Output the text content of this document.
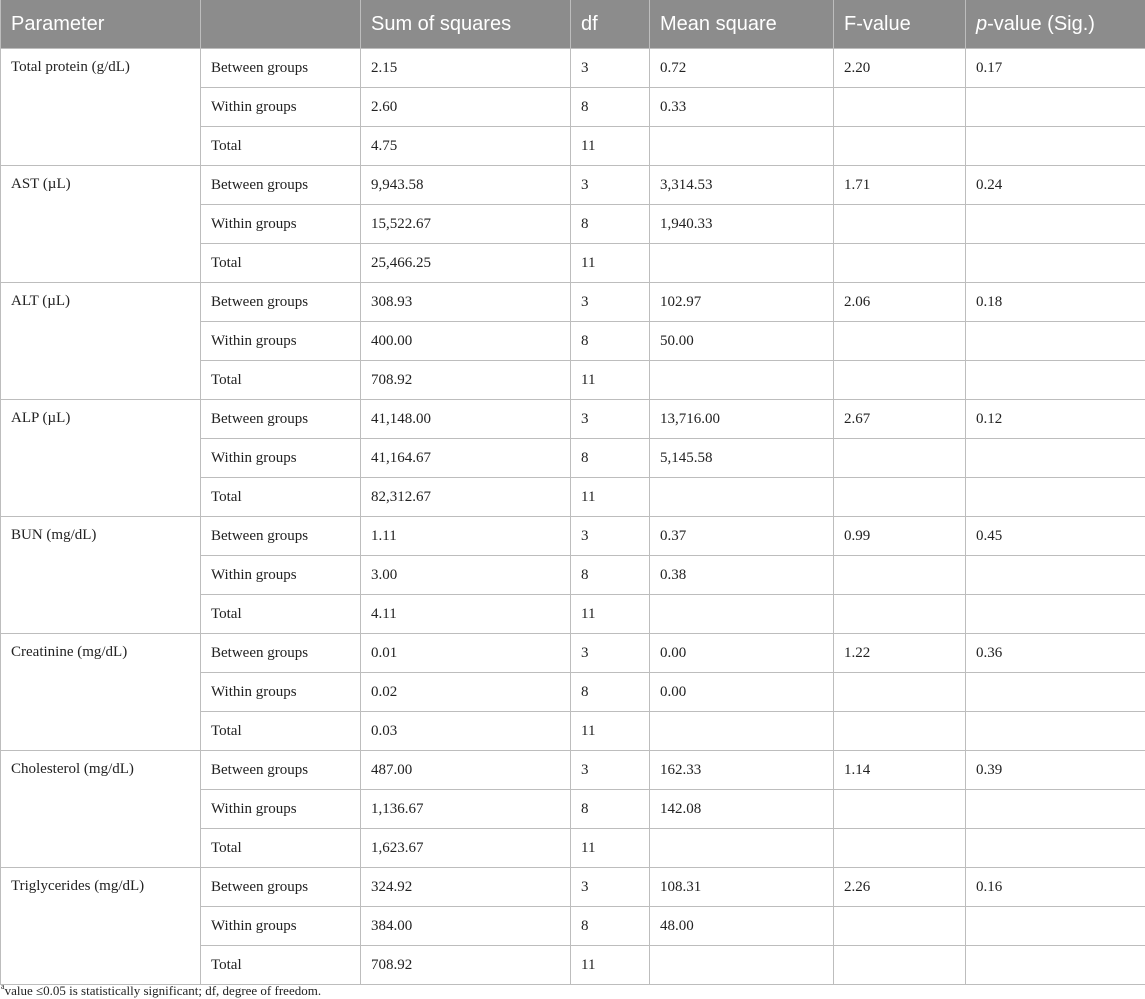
Parameter		Sum of squares	df	Mean square	F-value	p-value (Sig.)
Total protein (g/dL)	Between groups	2.15	3	0.72	2.20	0.17
	Within groups	2.60	8	0.33		
	Total	4.75	11			
AST (µL)	Between groups	9,943.58	3	3,314.53	1.71	0.24
	Within groups	15,522.67	8	1,940.33		
	Total	25,466.25	11			
ALT (µL)	Between groups	308.93	3	102.97	2.06	0.18
	Within groups	400.00	8	50.00		
	Total	708.92	11			
ALP (µL)	Between groups	41,148.00	3	13,716.00	2.67	0.12
	Within groups	41,164.67	8	5,145.58		
	Total	82,312.67	11			
BUN (mg/dL)	Between groups	1.11	3	0.37	0.99	0.45
	Within groups	3.00	8	0.38		
	Total	4.11	11			
Creatinine (mg/dL)	Between groups	0.01	3	0.00	1.22	0.36
	Within groups	0.02	8	0.00		
	Total	0.03	11			
Cholesterol (mg/dL)	Between groups	487.00	3	162.33	1.14	0.39
	Within groups	1,136.67	8	142.08		
	Total	1,623.67	11			
Triglycerides (mg/dL)	Between groups	324.92	3	108.31	2.26	0.16
	Within groups	384.00	8	48.00		
	Total	708.92	11			
$^a$value ≤0.05 is statistically significant; df, degree of freedom.
